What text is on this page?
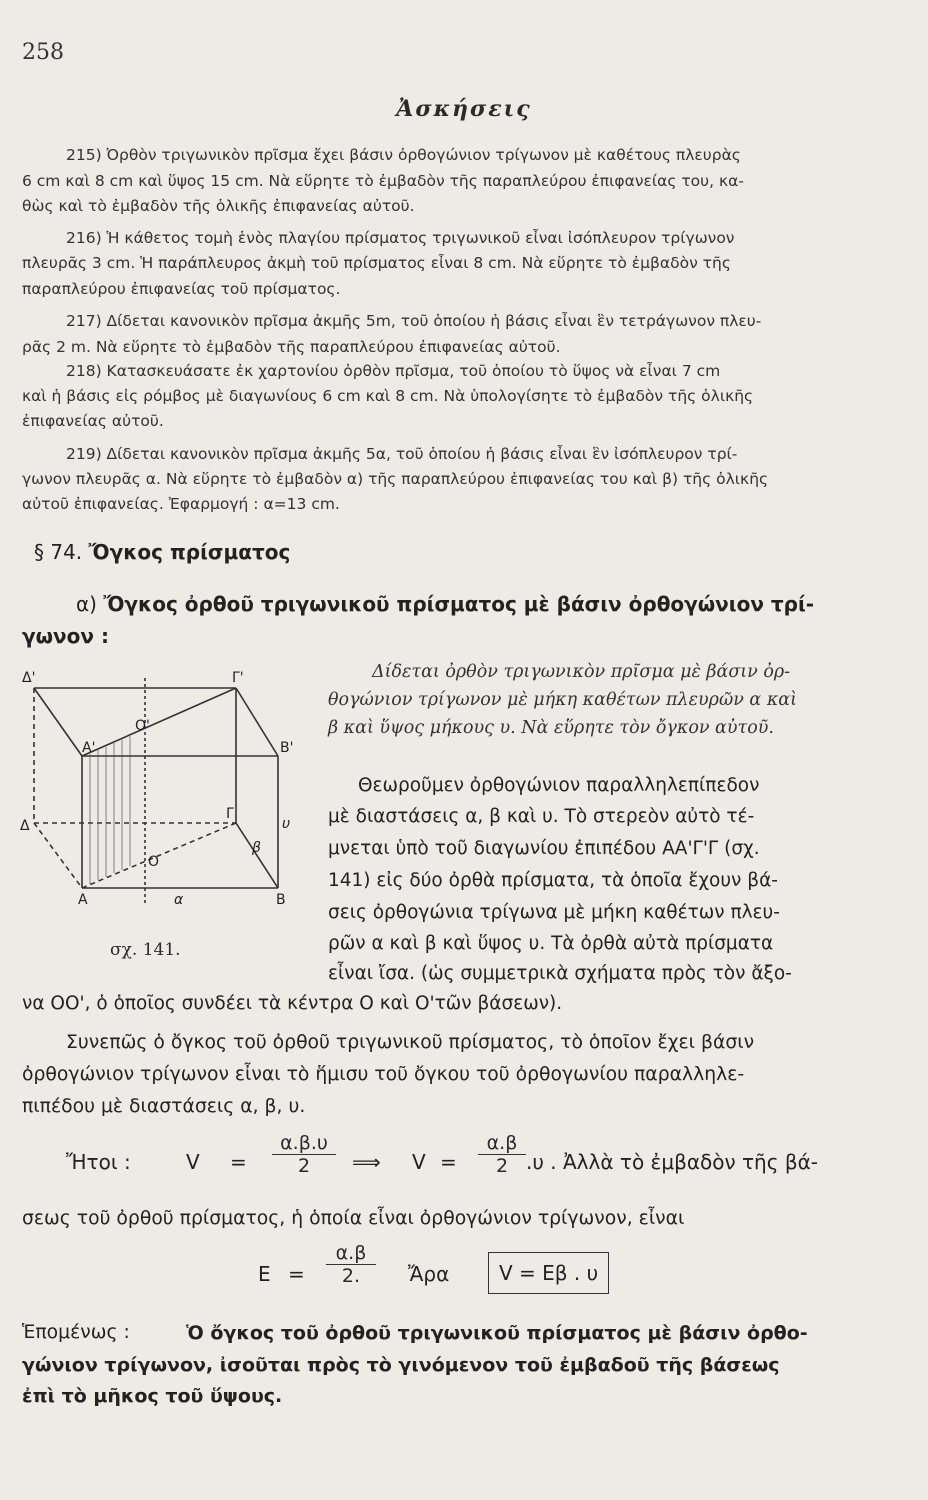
258
Ἀσκήσεις
215) Ὀρθὸν τριγωνικὸν πρῖσμα ἔχει βάσιν ὀρθογώνιον τρίγωνον μὲ καθέτους πλευρὰς
6 cm καὶ 8 cm καὶ ὕψος 15 cm. Νὰ εὕρητε τὸ ἐμβαδὸν τῆς παραπλεύρου ἐπιφανείας του, κα-
θὼς καὶ τὸ ἐμβαδὸν τῆς ὁλικῆς ἐπιφανείας αὐτοῦ.
216) Ἡ κάθετος τομὴ ἑνὸς πλαγίου πρίσματος τριγωνικοῦ εἶναι ἰσόπλευρον τρίγωνον
πλευρᾶς 3 cm. Ἡ παράπλευρος ἀκμὴ τοῦ πρίσματος εἶναι 8 cm. Νὰ εὕρητε τὸ ἐμβαδὸν τῆς
παραπλεύρου ἐπιφανείας τοῦ πρίσματος.
217) Δίδεται κανονικὸν πρῖσμα ἀκμῆς 5m, τοῦ ὁποίου ἡ βάσις εἶναι ἓν τετράγωνον πλευ-
ρᾶς 2 m. Νὰ εὕρητε τὸ ἐμβαδὸν τῆς παραπλεύρου ἐπιφανείας αὐτοῦ.
218) Κατασκευάσατε ἐκ χαρτονίου ὀρθὸν πρῖσμα, τοῦ ὁποίου τὸ ὕψος νὰ εἶναι 7 cm
καὶ ἡ βάσις εἰς ρόμβος μὲ διαγωνίους 6 cm καὶ 8 cm. Νὰ ὑπολογίσητε τὸ ἐμβαδὸν τῆς ὁλικῆς
ἐπιφανείας αὐτοῦ.
219) Δίδεται κανονικὸν πρῖσμα ἀκμῆς 5α, τοῦ ὁποίου ἡ βάσις εἶναι ἓν ἰσόπλευρον τρί-
γωνον πλευρᾶς α. Νὰ εὕρητε τὸ ἐμβαδὸν α) τῆς παραπλεύρου ἐπιφανείας του καὶ β) τῆς ὁλικῆς
αὐτοῦ ἐπιφανείας. Ἐφαρμογή : α=13 cm.
§ 74. Ὄγκος πρίσματος
α) Ὄγκος ὀρθοῦ τριγωνικοῦ πρίσματος μὲ βάσιν ὀρθογώνιον τρί-
γωνον :
Δίδεται ὀρθὸν τριγωνικὸν πρῖσμα μὲ βάσιν ὀρ-
θογώνιον τρίγωνον μὲ μήκη καθέτων πλευρῶν α καὶ
β καὶ ὕψος μήκους υ. Νὰ εὕρητε τὸν ὄγκον αὐτοῦ.
Δ'	Γ'
O'
A'	B'
Δ
Γ
O
A	B
α
β
υ
σχ. 141.
Θεωροῦμεν ὀρθογώνιον παραλληλεπίπεδον
μὲ διαστάσεις α, β καὶ υ. Τὸ στερεὸν αὐτὸ τέ-
μνεται ὑπὸ τοῦ διαγωνίου ἐπιπέδου ΑΑ'Γ'Γ (σχ.
141) εἰς δύο ὀρθὰ πρίσματα, τὰ ὁποῖα ἔχουν βά-
σεις ὀρθογώνια τρίγωνα μὲ μήκη καθέτων πλευ-
ρῶν α καὶ β καὶ ὕψος υ. Τὰ ὀρθὰ αὐτὰ πρίσματα
εἶναι ἴσα. (ὡς συμμετρικὰ σχήματα πρὸς τὸν ἄξο-
να ΟΟ', ὁ ὁποῖος συνδέει τὰ κέντρα Ο καὶ Ο'τῶν βάσεων).
Συνεπῶς ὁ ὄγκος τοῦ ὀρθοῦ τριγωνικοῦ πρίσματος, τὸ ὁποῖον ἔχει βάσιν
ὀρθογώνιον τρίγωνον εἶναι τὸ ἥμισυ τοῦ ὄγκου τοῦ ὀρθογωνίου παραλληλε-
πιπέδου μὲ διαστάσεις α, β, υ.
Ἤτοι :	$V = \frac{\alpha.\beta.\upsilon}{2}$ ⟹ $V = \frac{\alpha.\beta}{2} .\upsilon$ . Ἀλλὰ τὸ ἐμβαδὸν τῆς βά-
σεως τοῦ ὀρθοῦ πρίσματος, ἡ ὁποία εἶναι ὀρθογώνιον τρίγωνον, εἶναι
$E = \frac{\alpha.\beta}{2.}$ Ἄρα	V = Eβ . υ
Ἑπομένως :	Ὁ ὄγκος τοῦ ὀρθοῦ τριγωνικοῦ πρίσματος μὲ βάσιν ὀρθο-
γώνιον τρίγωνον, ἰσοῦται πρὸς τὸ γινόμενον τοῦ ἐμβαδοῦ τῆς βάσεως
ἐπὶ τὸ μῆκος τοῦ ὕψους.
